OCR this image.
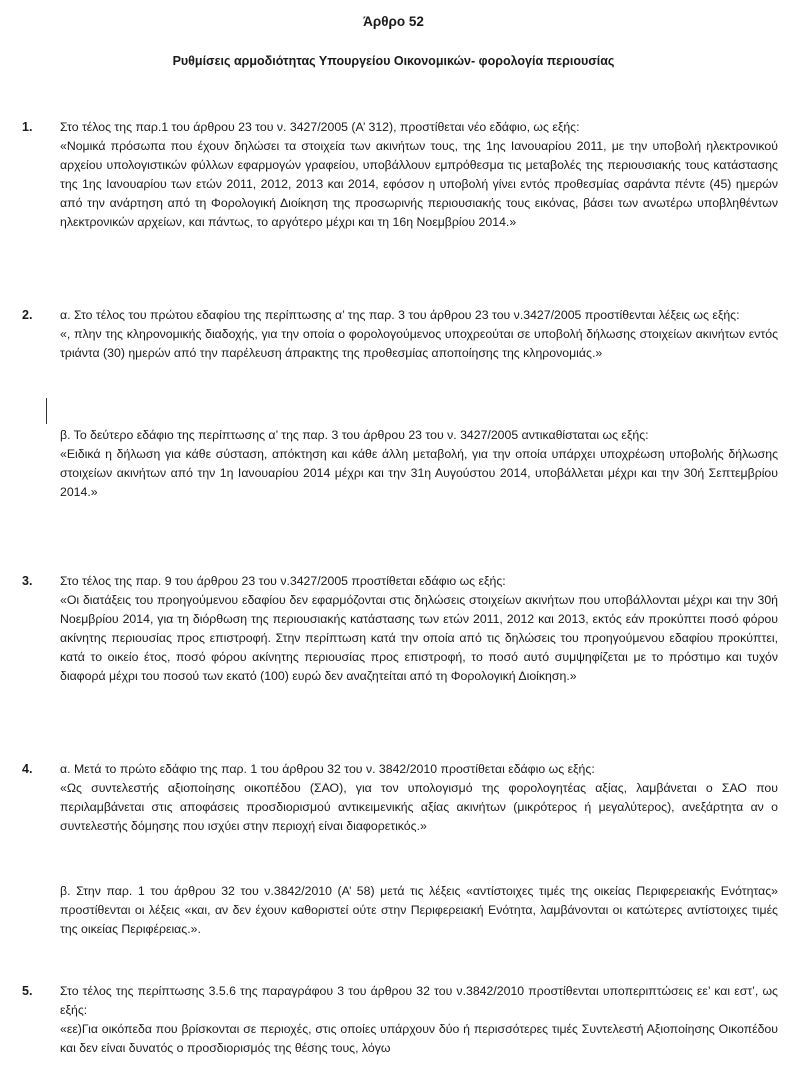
Άρθρο 52
Ρυθμίσεις αρμοδιότητας Υπουργείου Οικονομικών- φορολογία περιουσίας
1. Στο τέλος της παρ.1 του άρθρου 23 του ν. 3427/2005 (Α’ 312), προστίθεται νέο εδάφιο, ως εξής:

«Νομικά πρόσωπα που έχουν δηλώσει τα στοιχεία των ακινήτων τους, της 1ης Ιανουαρίου 2011, με την υποβολή ηλεκτρονικού αρχείου υπολογιστικών φύλλων εφαρμογών γραφείου, υποβάλλουν εμπρόθεσμα τις μεταβολές της περιουσιακής τους κατάστασης της 1ης Ιανουαρίου των ετών 2011, 2012, 2013 και 2014, εφόσον η υποβολή γίνει εντός προθεσμίας σαράντα πέντε (45) ημερών από την ανάρτηση από τη Φορολογική Διοίκηση της προσωρινής περιουσιακής τους εικόνας, βάσει των ανωτέρω υποβληθέντων ηλεκτρονικών αρχείων, και πάντως, το αργότερο μέχρι και τη 16η Νοεμβρίου 2014.»

2. α. Στο τέλος του πρώτου εδαφίου της περίπτωσης α’ της παρ. 3 του άρθρου 23 του ν.3427/2005 προστίθενται λέξεις ως εξής:

«, πλην της κληρονομικής διαδοχής, για την οποία ο φορολογούμενος υποχρεούται σε υποβολή δήλωσης στοιχείων ακινήτων εντός τριάντα (30) ημερών από την παρέλευση άπρακτης της προθεσμίας αποποίησης της κληρονομιάς.»

β. Το δεύτερο εδάφιο της περίπτωσης α’ της παρ. 3 του άρθρου 23 του ν. 3427/2005 αντικαθίσταται ως εξής:

«Ειδικά η δήλωση για κάθε σύσταση, απόκτηση και κάθε άλλη μεταβολή, για την οποία υπάρχει υποχρέωση υποβολής δήλωσης στοιχείων ακινήτων από την 1η Ιανουαρίου 2014 μέχρι και την 31η Αυγούστου 2014, υποβάλλεται μέχρι και την 30ή Σεπτεμβρίου 2014.»

3. Στο τέλος της παρ. 9 του άρθρου 23 του ν.3427/2005 προστίθεται εδάφιο ως εξής:

«Οι διατάξεις του προηγούμενου εδαφίου δεν εφαρμόζονται στις δηλώσεις στοιχείων ακινήτων που υποβάλλονται μέχρι και την 30ή Νοεμβρίου 2014, για τη διόρθωση της περιουσιακής κατάστασης των ετών 2011, 2012 και 2013, εκτός εάν προκύπτει ποσό φόρου ακίνητης περιουσίας προς επιστροφή. Στην περίπτωση κατά την οποία από τις δηλώσεις του προηγούμενου εδαφίου προκύπτει, κατά το οικείο έτος, ποσό φόρου ακίνητης περιουσίας προς επιστροφή, το ποσό αυτό συμψηφίζεται με το πρόστιμο και τυχόν διαφορά μέχρι του ποσού των εκατό (100) ευρώ δεν αναζητείται από τη Φορολογική Διοίκηση.»

4. α. Μετά το πρώτο εδάφιο της παρ. 1 του άρθρου 32 του ν. 3842/2010 προστίθεται εδάφιο ως εξής:

«Ως συντελεστής αξιοποίησης οικοπέδου (ΣΑΟ), για τον υπολογισμό της φορολογητέας αξίας, λαμβάνεται ο ΣΑΟ που περιλαμβάνεται στις αποφάσεις προσδιορισμού αντικειμενικής αξίας ακινήτων (μικρότερος ή μεγαλύτερος), ανεξάρτητα αν ο συντελεστής δόμησης που ισχύει στην περιοχή είναι διαφορετικός.»

β. Στην παρ. 1 του άρθρου 32 του ν.3842/2010 (Α’ 58) μετά τις λέξεις «αντίστοιχες τιμές της οικείας Περιφερειακής Ενότητας» προστίθενται οι λέξεις «και, αν δεν έχουν καθοριστεί ούτε στην Περιφερειακή Ενότητα, λαμβάνονται οι κατώτερες αντίστοιχες τιμές της οικείας Περιφέρειας.».

5. Στο τέλος της περίπτωσης 3.5.6 της παραγράφου 3 του άρθρου 32 του ν.3842/2010 προστίθενται υποπεριπτώσεις εε’ και εστ’, ως εξής:

«εε)Για οικόπεδα που βρίσκονται σε περιοχές, στις οποίες υπάρχουν δύο ή περισσότερες τιμές Συντελεστή Αξιοποίησης Οικοπέδου και δεν είναι δυνατός ο προσδιορισμός της θέσης τους, λόγω
